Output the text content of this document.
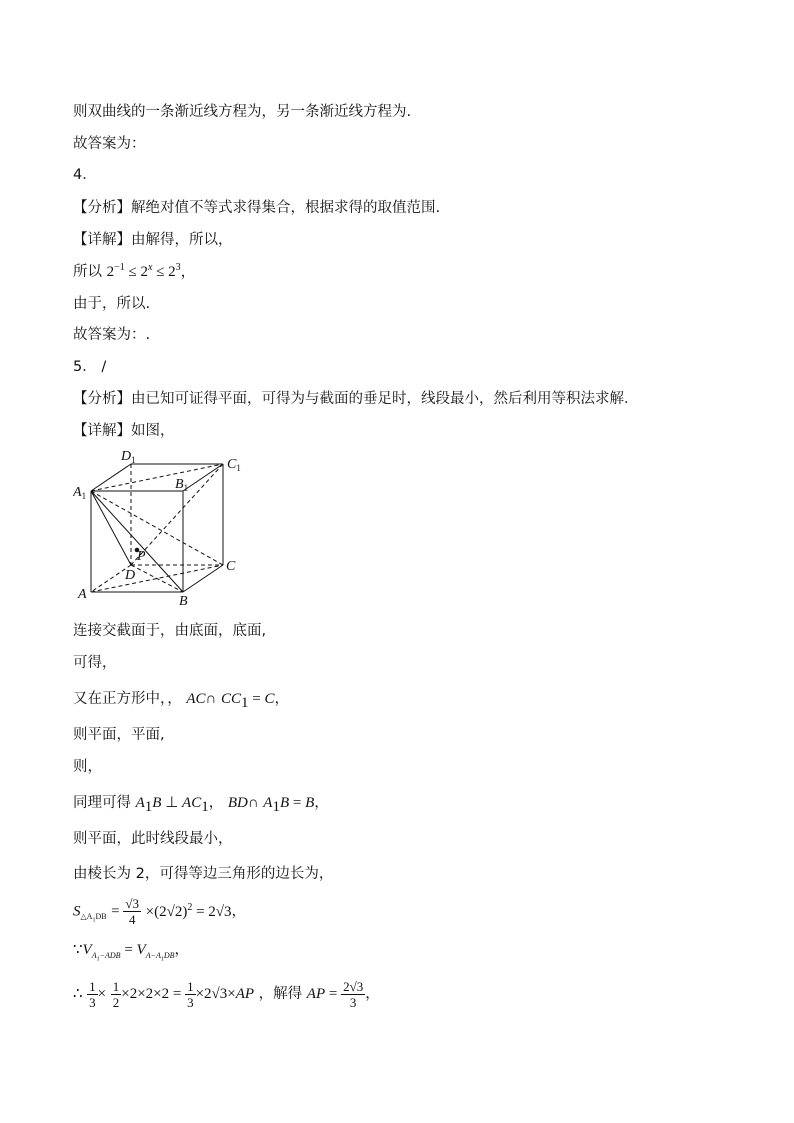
则双曲线的一条渐近线方程为，另一条渐近线方程为.
故答案为：
4．
【分析】解绝对值不等式求得集合，根据求得的取值范围.
【详解】由解得，所以，
所以 $2^{-1} \le 2^x \le 2^3$，
由于，所以.
故答案为：.
5． /
【分析】由已知可证得平面，可得为与截面的垂足时，线段最小，然后利用等积法求解．
【详解】如图，
$D_1$	$C_1$
$A_1$
$B_1$
P
D
C
A	B
连接交截面于，由底面，底面,
可得，
又在正方形中，， AC∩ $CC_1 = C$，
则平面，平面,
则，
同理可得 $A_1B$ ⊥ $AC_1$， BD∩ $A_1B = B$，
则平面，此时线段最小，
由棱长为 2，可得等边三角形的边长为，
$S_{\triangle A_1DB} = \frac{√3}{4} \times(2√2)^2 = 2√3$，
$\because V_{A_1-ADB} = V_{A-A_1DB}$，
∴ $\frac{1}{3} \times \frac{1}{2} \times 2\times 2\times 2 = \frac{1}{3} \times 2√3\times AP$ ，解得 AP = $\frac{2√3}{3}$ ，
